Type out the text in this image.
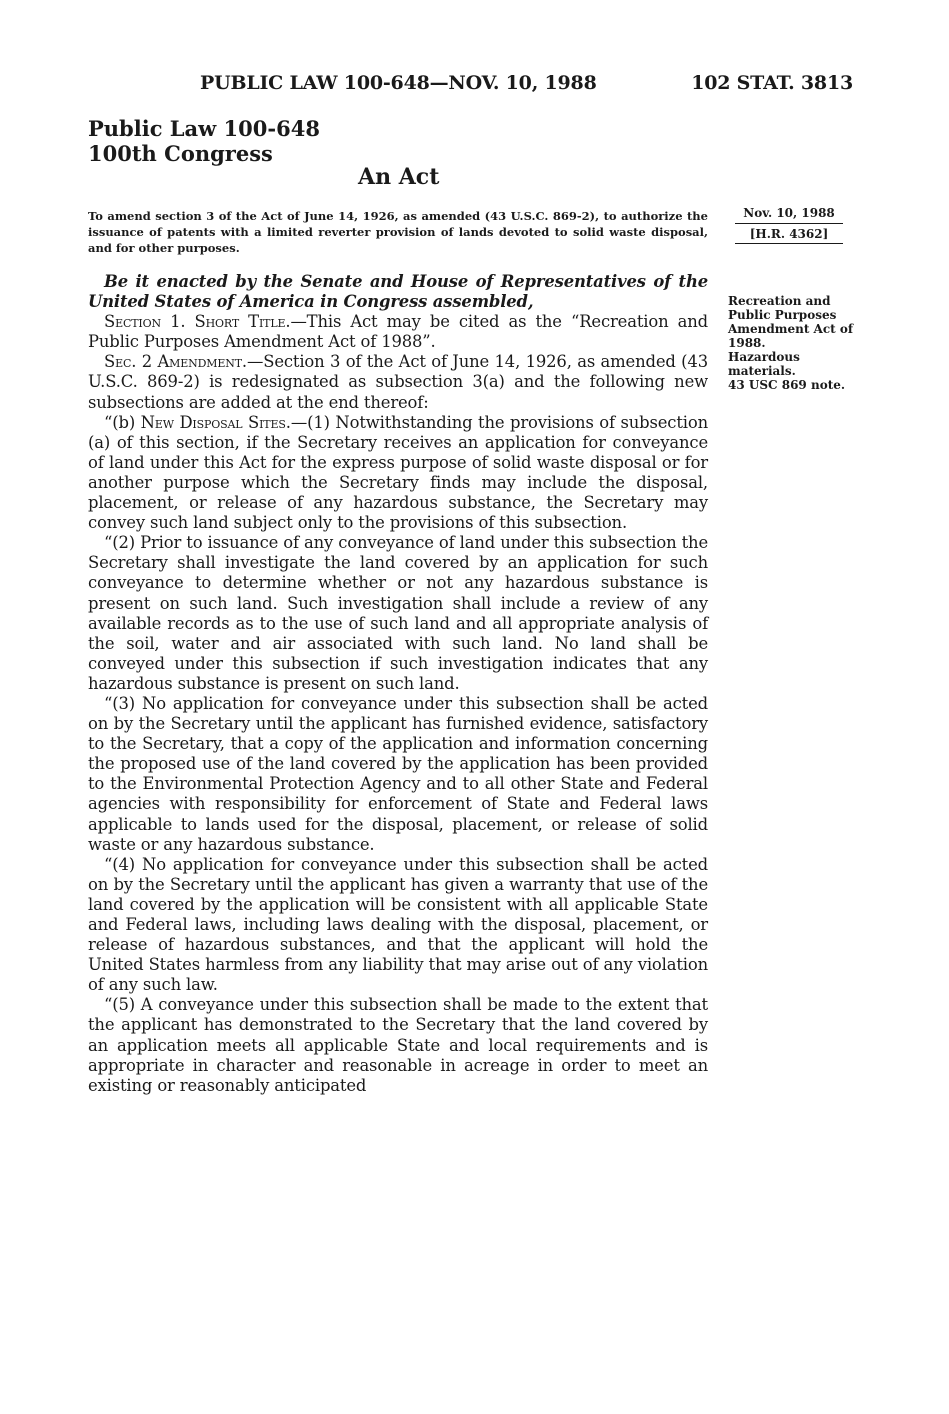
PUBLIC LAW 100-648—NOV. 10, 1988	102 STAT. 3813
Public Law 100-648
100th Congress
An Act
To amend section 3 of the Act of June 14, 1926, as amended (43 U.S.C. 869-2), to authorize the issuance of patents with a limited reverter provision of lands devoted to solid waste disposal, and for other purposes.
Nov. 10, 1988
[H.R. 4362]

Recreation and Public Purposes Amendment Act of 1988.

Hazardous materials.

43 USC 869 note.

Be it enacted by the Senate and House of Representatives of the United States of America in Congress assembled,

Section 1. Short Title.—This Act may be cited as the “Recreation and Public Purposes Amendment Act of 1988”.

Sec. 2 Amendment.—Section 3 of the Act of June 14, 1926, as amended (43 U.S.C. 869-2) is redesignated as subsection 3(a) and the following new subsections are added at the end thereof:

“(b) New Disposal Sites.—(1) Notwithstanding the provisions of subsection (a) of this section, if the Secretary receives an application for conveyance of land under this Act for the express purpose of solid waste disposal or for another purpose which the Secretary finds may include the disposal, placement, or release of any hazardous substance, the Secretary may convey such land subject only to the provisions of this subsection.

“(2) Prior to issuance of any conveyance of land under this subsection the Secretary shall investigate the land covered by an application for such conveyance to determine whether or not any hazardous substance is present on such land. Such investigation shall include a review of any available records as to the use of such land and all appropriate analysis of the soil, water and air associated with such land. No land shall be conveyed under this subsection if such investigation indicates that any hazardous substance is present on such land.

“(3) No application for conveyance under this subsection shall be acted on by the Secretary until the applicant has furnished evidence, satisfactory to the Secretary, that a copy of the application and information concerning the proposed use of the land covered by the application has been provided to the Environmental Protection Agency and to all other State and Federal agencies with responsibility for enforcement of State and Federal laws applicable to lands used for the disposal, placement, or release of solid waste or any hazardous substance.

“(4) No application for conveyance under this subsection shall be acted on by the Secretary until the applicant has given a warranty that use of the land covered by the application will be consistent with all applicable State and Federal laws, including laws dealing with the disposal, placement, or release of hazardous substances, and that the applicant will hold the United States harmless from any liability that may arise out of any violation of any such law.

“(5) A conveyance under this subsection shall be made to the extent that the applicant has demonstrated to the Secretary that the land covered by an application meets all applicable State and local requirements and is appropriate in character and reasonable in acreage in order to meet an existing or reasonably anticipated
